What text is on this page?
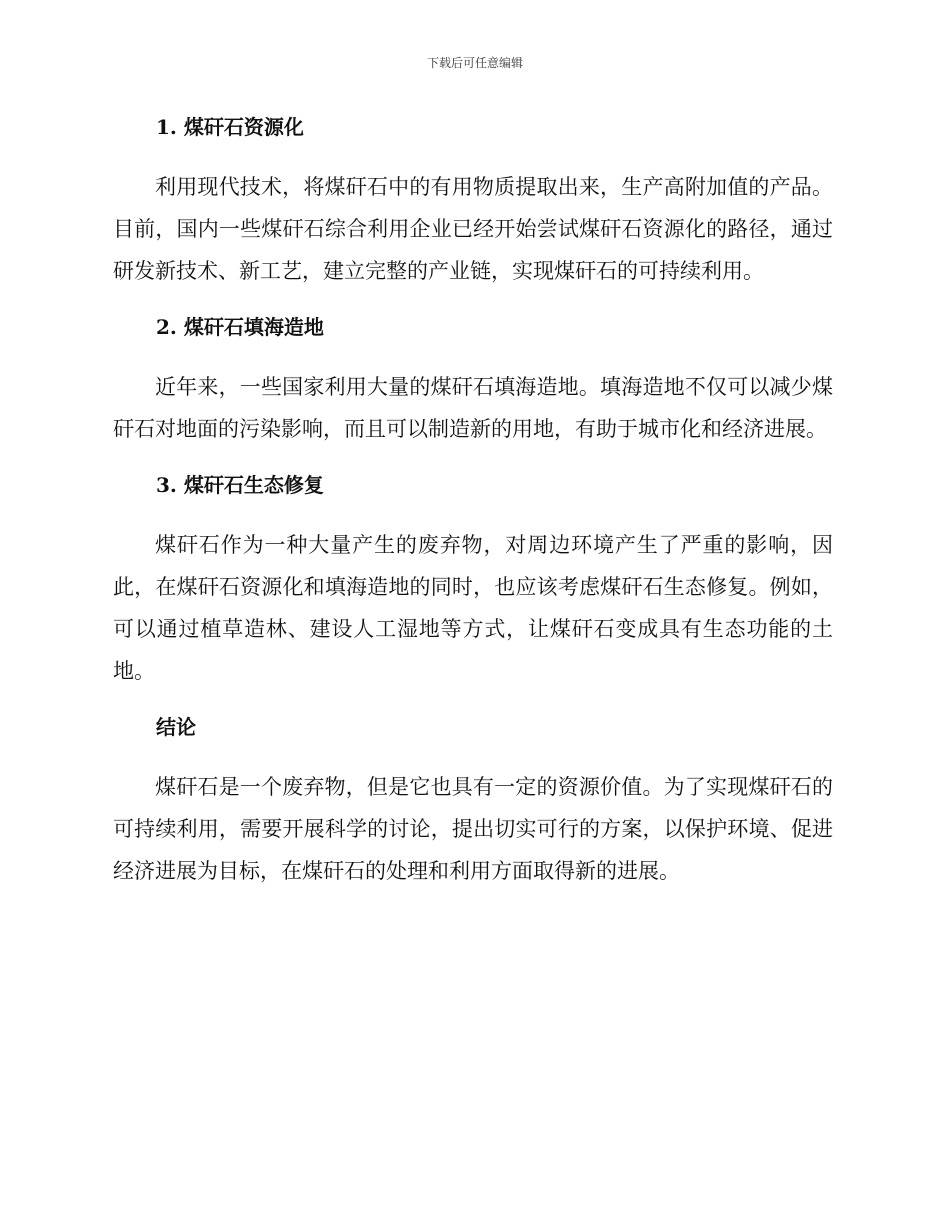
下载后可任意编辑
1. 煤矸石资源化

利用现代技术，将煤矸石中的有用物质提取出来，生产高附加值的产品。目前，国内一些煤矸石综合利用企业已经开始尝试煤矸石资源化的路径，通过研发新技术、新工艺，建立完整的产业链，实现煤矸石的可持续利用。

2. 煤矸石填海造地

近年来，一些国家利用大量的煤矸石填海造地。填海造地不仅可以减少煤矸石对地面的污染影响，而且可以制造新的用地，有助于城市化和经济进展。

3. 煤矸石生态修复

煤矸石作为一种大量产生的废弃物，对周边环境产生了严重的影响，因此，在煤矸石资源化和填海造地的同时，也应该考虑煤矸石生态修复。例如，可以通过植草造林、建设人工湿地等方式，让煤矸石变成具有生态功能的土地。

结论

煤矸石是一个废弃物，但是它也具有一定的资源价值。为了实现煤矸石的可持续利用，需要开展科学的讨论，提出切实可行的方案，以保护环境、促进经济进展为目标，在煤矸石的处理和利用方面取得新的进展。
